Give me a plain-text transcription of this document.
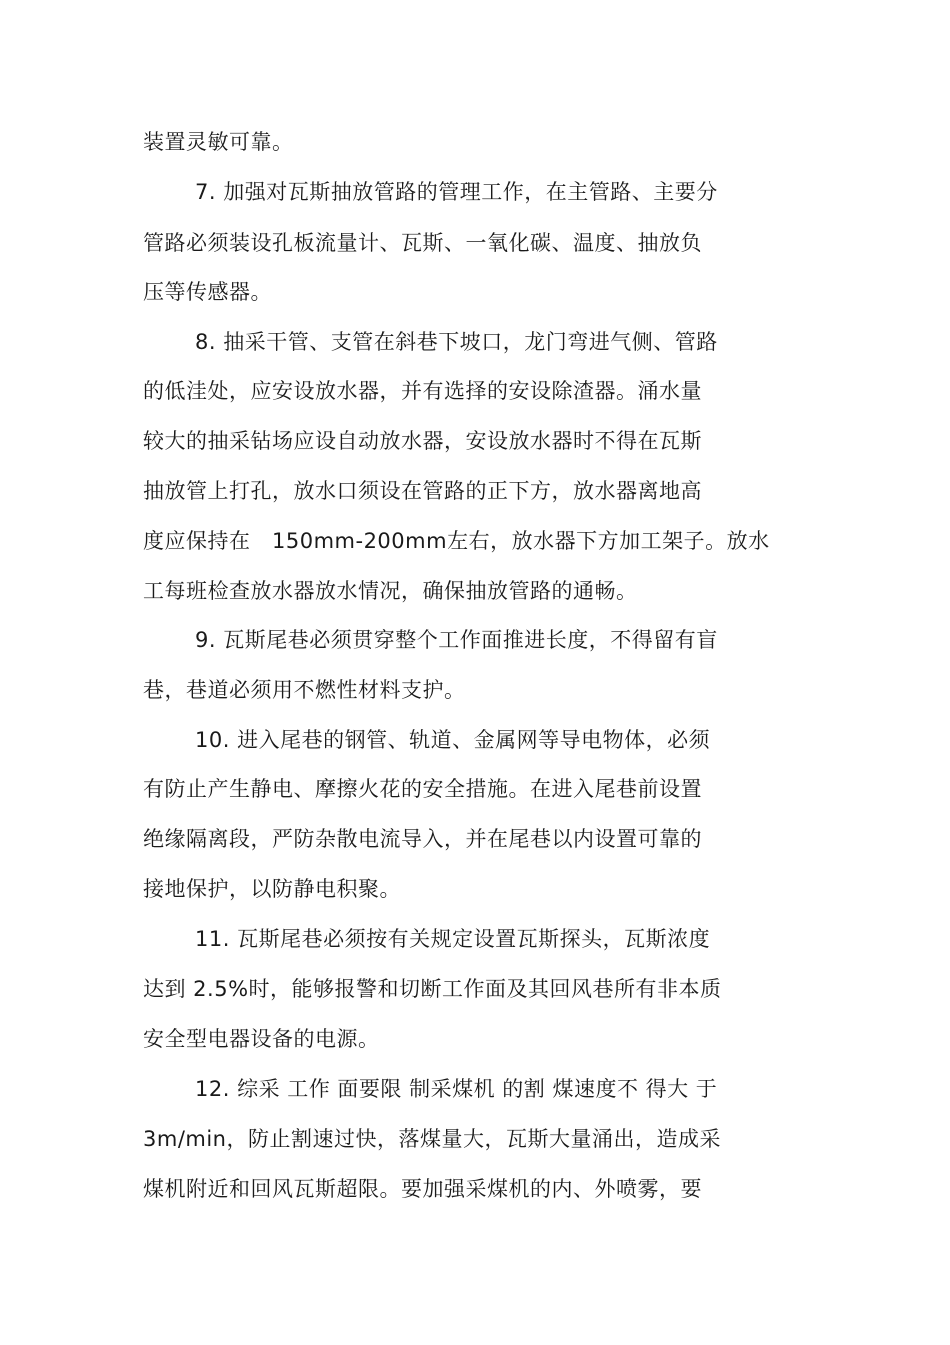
装置灵敏可靠。
7. 加强对瓦斯抽放管路的管理工作，在主管路、主要分
管路必须装设孔板流量计、瓦斯、一氧化碳、温度、抽放负
压等传感器。
8. 抽采干管、支管在斜巷下坡口，龙门弯进气侧、管路
的低洼处，应安设放水器，并有选择的安设除渣器。涌水量
较大的抽采钻场应设自动放水器，安设放水器时不得在瓦斯
抽放管上打孔，放水口须设在管路的正下方，放水器离地高
度应保持在　150mm-200mm左右，放水器下方加工架子。放水
工每班检查放水器放水情况，确保抽放管路的通畅。
9. 瓦斯尾巷必须贯穿整个工作面推进长度，不得留有盲
巷，巷道必须用不燃性材料支护。
10. 进入尾巷的钢管、轨道、金属网等导电物体，必须
有防止产生静电、摩擦火花的安全措施。在进入尾巷前设置
绝缘隔离段，严防杂散电流导入，并在尾巷以内设置可靠的
接地保护，以防静电积聚。
11. 瓦斯尾巷必须按有关规定设置瓦斯探头，瓦斯浓度
达到 2.5%时，能够报警和切断工作面及其回风巷所有非本质
安全型电器设备的电源。
12. 综采 工作 面要限 制采煤机 的割 煤速度不 得大 于
3m/min，防止割速过快，落煤量大，瓦斯大量涌出，造成采
煤机附近和回风瓦斯超限。要加强采煤机的内、外喷雾，要
